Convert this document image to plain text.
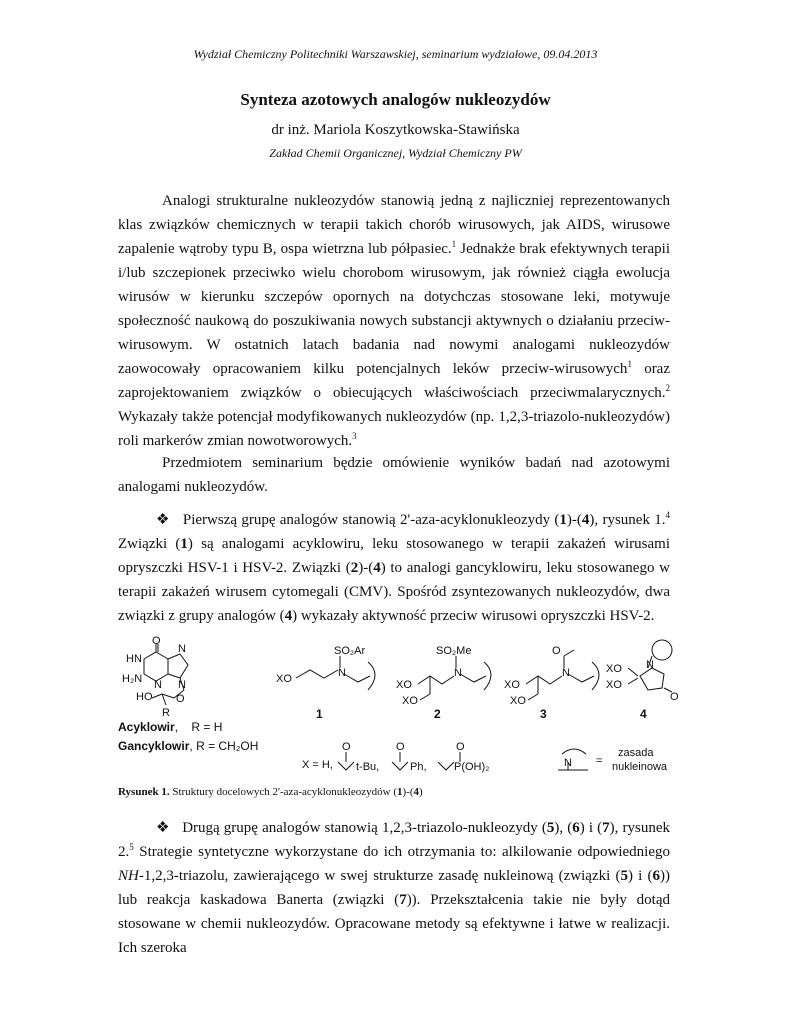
Wydział Chemiczny Politechniki Warszawskiej, seminarium wydziałowe, 09.04.2013
Synteza azotowych analogów nukleozydów
dr inż. Mariola Koszytkowska-Stawińska
Zakład Chemii Organicznej, Wydział Chemiczny PW
Analogi strukturalne nukleozydów stanowią jedną z najliczniej reprezentowanych klas związków chemicznych w terapii takich chorób wirusowych, jak AIDS, wirusowe zapalenie wątroby typu B, ospa wietrzna lub półpasiec.$^1$ Jednakże brak efektywnych terapii i/lub szczepionek przeciwko wielu chorobom wirusowym, jak również ciągła ewolucja wirusów w kierunku szczepów opornych na dotychczas stosowane leki, motywuje społeczność naukową do poszukiwania nowych substancji aktywnych o działaniu przeciw-wirusowym. W ostatnich latach badania nad nowymi analogami nukleozydów zaowocowały opracowaniem kilku potencjalnych leków przeciw-wirusowych$^1$ oraz zaprojektowaniem związków o obiecujących właściwościach przeciwmalarycznych.$^2$ Wykazały także potencjał modyfikowanych nukleozydów (np. 1,2,3-triazolo-nukleozydów) roli markerów zmian nowotworowych.$^3$
Przedmiotem seminarium będzie omówienie wyników badań nad azotowymi analogami nukleozydów.
❖ Pierwszą grupę analogów stanowią 2'-aza-acyklonukleozydy (1)-(4), rysunek 1.$^4$ Związki (1) są analogami acyklowiru, leku stosowanego w terapii zakażeń wirusami opryszczki HSV-1 i HSV-2. Związki (2)-(4) to analogi gancyklowiru, leku stosowanego w terapii zakażeń wirusem cytomegali (CMV). Spośród zsyntezowanych nukleozydów, dwa związki z grupy analogów (4) wykazały aktywność przeciw wirusowi opryszczki HSV-2.
O
HN
N
H₂N N N
HO
R
O
SO₂Ar
XO	N
1
SO₂Me
XO
XO
N
2
O
XO
XO
N
3
XO
XO
N
O
4
X = H,
O
t-Bu,
O
Ph,
O
P(OH)₂	N =
zasada
nukleinowa
Acyklowir, R = H
Gancyklowir, R = CH₂OH
Rysunek 1. Struktury docelowych 2'-aza-acyklonukleozydów (1)-(4)
❖ Drugą grupę analogów stanowią 1,2,3-triazolo-nukleozydy (5), (6) i (7), rysunek 2.$^5$ Strategie syntetyczne wykorzystane do ich otrzymania to: alkilowanie odpowiedniego NH-1,2,3-triazolu, zawierającego w swej strukturze zasadę nukleinową (związki (5) i (6)) lub reakcja kaskadowa Banerta (związki (7)). Przekształcenia takie nie były dotąd stosowane w chemii nukleozydów. Opracowane metody są efektywne i łatwe w realizacji. Ich szeroka
